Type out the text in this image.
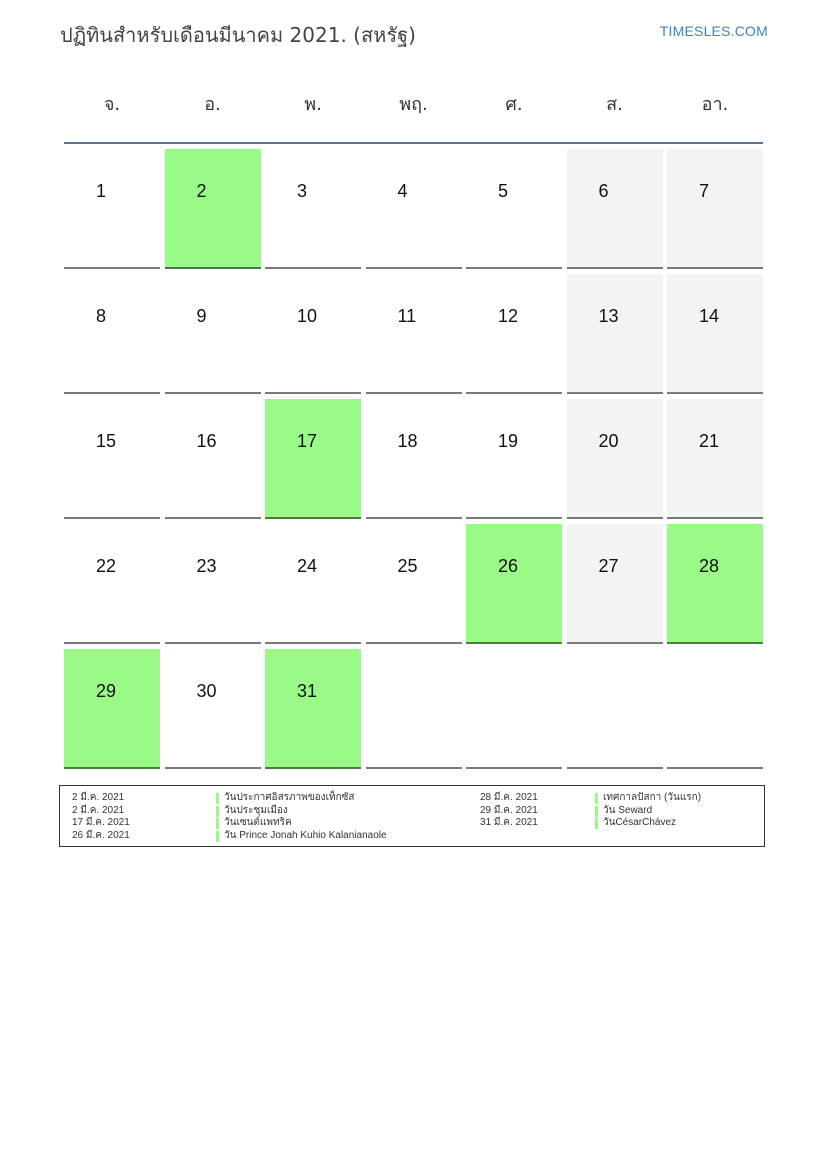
ปฏิทินสำหรับเดือนมีนาคม 2021. (สหรัฐ)	TIMESLES.COM
จ.	อ.	พ.	พฤ.	ศ.	ส.	อา.
1	2	3	4	5	6	7
8	9	10	11	12	13	14
15	16	17	18	19	20	21
22	23	24	25	26	27	28
29	30	31
2 มี.ค. 2021	วันประกาศอิสรภาพของเท็กซัส
2 มี.ค. 2021	วันประชุมเมือง
17 มี.ค. 2021	วันเซนต์แพทริค
26 มี.ค. 2021	วัน Prince Jonah Kuhio Kalanianaole
28 มี.ค. 2021	เทศกาลปัสกา (วันแรก)
29 มี.ค. 2021	วัน Seward
31 มี.ค. 2021	วันCésarChávez
